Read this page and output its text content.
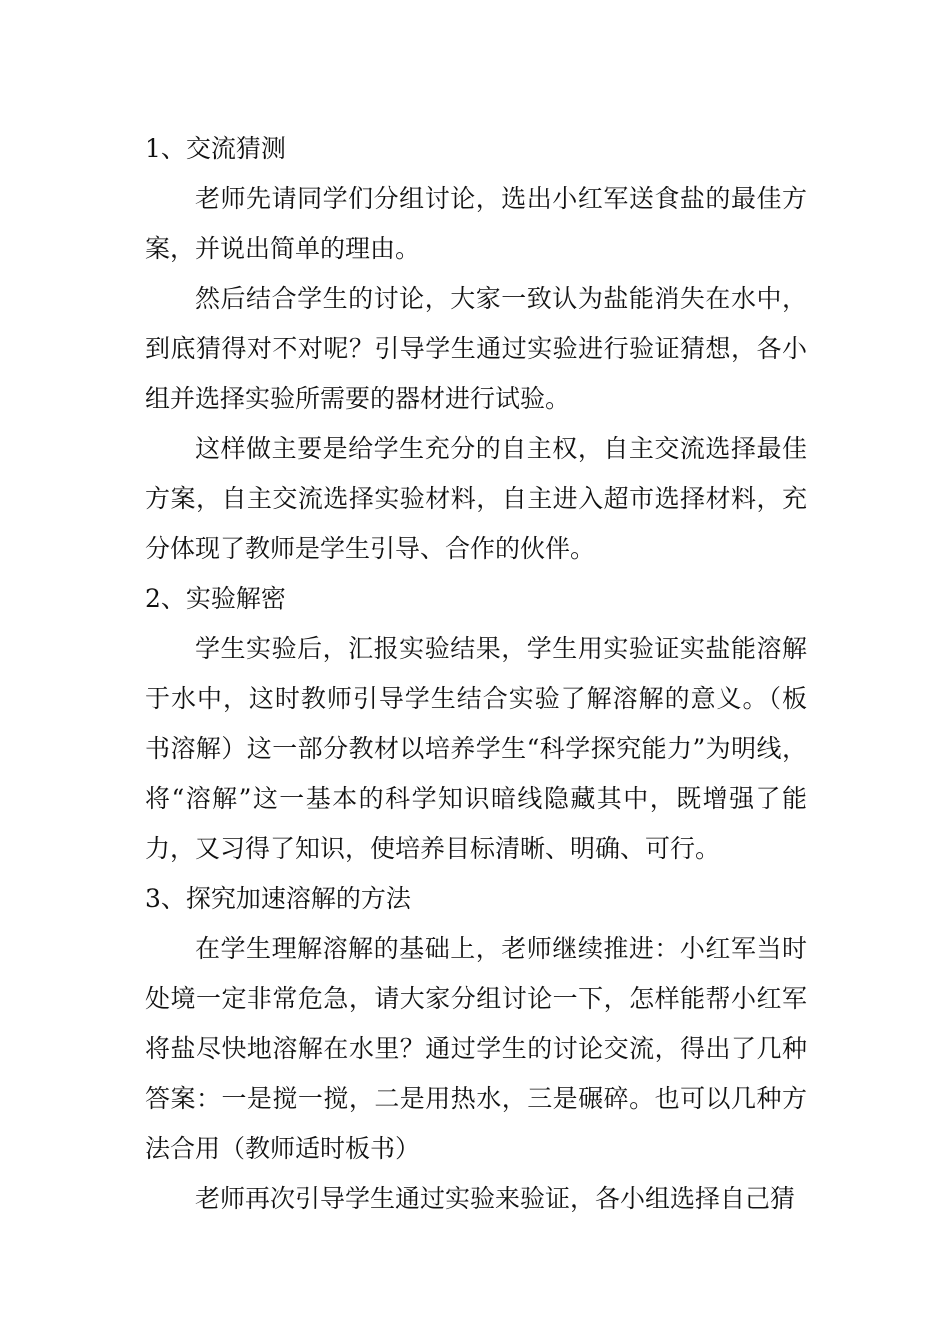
1、交流猜测

老师先请同学们分组讨论，选出小红军送食盐的最佳方案，并说出简单的理由。

然后结合学生的讨论，大家一致认为盐能消失在水中，到底猜得对不对呢？引导学生通过实验进行验证猜想，各小组并选择实验所需要的器材进行试验。

这样做主要是给学生充分的自主权，自主交流选择最佳方案，自主交流选择实验材料，自主进入超市选择材料，充分体现了教师是学生引导、合作的伙伴。

2、实验解密

学生实验后，汇报实验结果，学生用实验证实盐能溶解于水中，这时教师引导学生结合实验了解溶解的意义。（板书溶解）这一部分教材以培养学生“科学探究能力”为明线，将“溶解”这一基本的科学知识暗线隐藏其中，既增强了能力，又习得了知识，使培养目标清晰、明确、可行。

3、探究加速溶解的方法

在学生理解溶解的基础上，老师继续推进：小红军当时处境一定非常危急，请大家分组讨论一下，怎样能帮小红军将盐尽快地溶解在水里？通过学生的讨论交流，得出了几种答案：一是搅一搅，二是用热水，三是碾碎。也可以几种方法合用（教师适时板书）

老师再次引导学生通过实验来验证，各小组选择自己猜
